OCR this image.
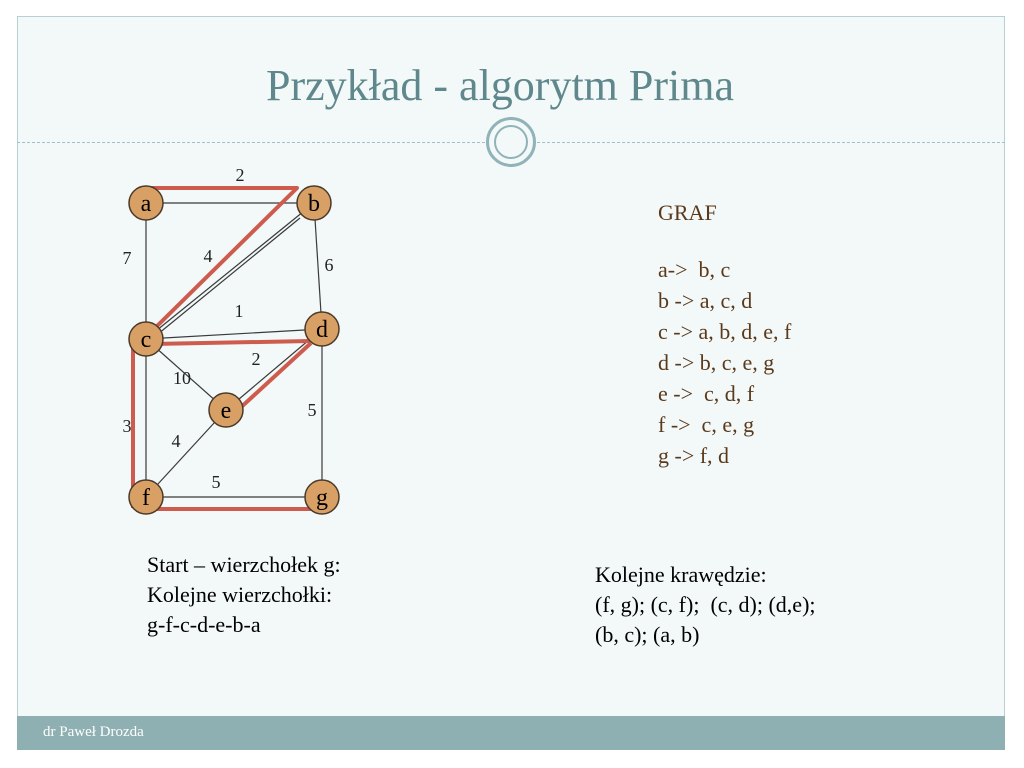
Przykład - algorytm Prima
2
7	4	6
1
10
2
3
4
5
5
a	b
c	d
e
f	g
GRAF
a->  b, c
b -> a, c, d
c -> a, b, d, e, f
d -> b, c, e, g
e ->  c, d, f
f ->  c, e, g
g -> f, d
Start – wierzchołek g:
Kolejne wierzchołki:
g-f-c-d-e-b-a
Kolejne krawędzie:
(f, g); (c, f);  (c, d); (d,e);
(b, c); (a, b)
dr Paweł Drozda
